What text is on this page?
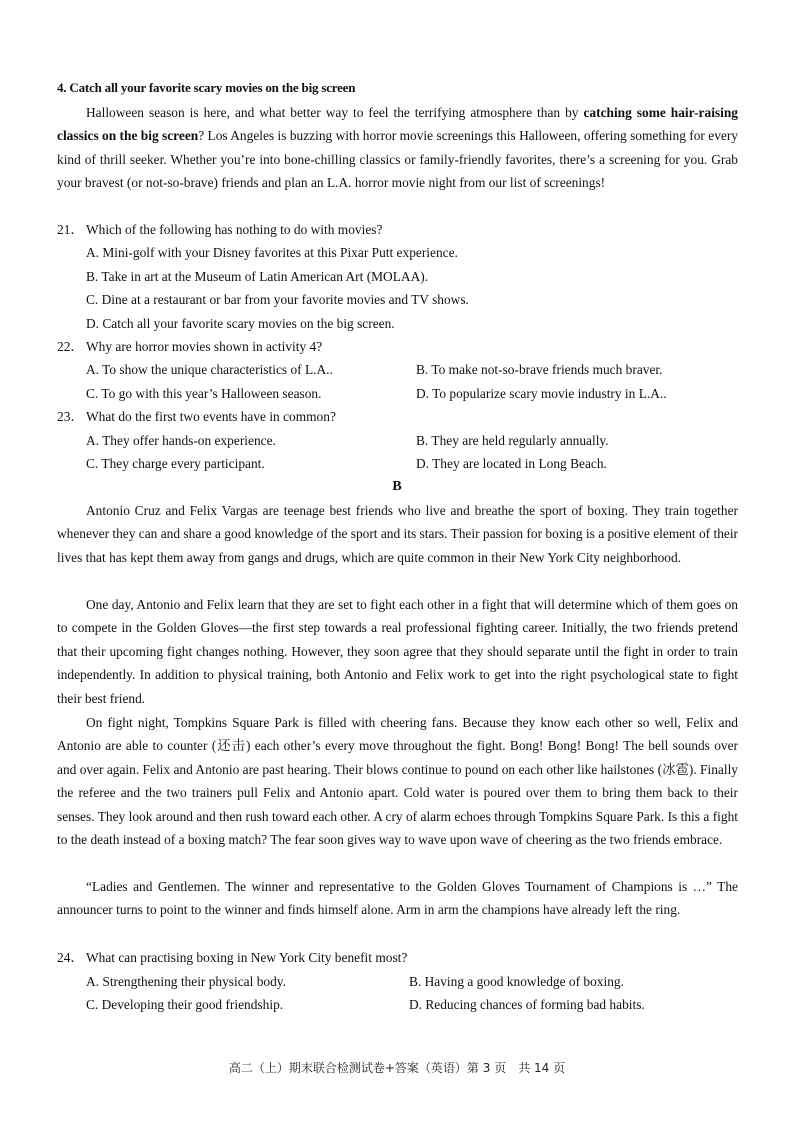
4. Catch all your favorite scary movies on the big screen

Halloween season is here, and what better way to feel the terrifying atmosphere than by catching some hair-raising classics on the big screen? Los Angeles is buzzing with horror movie screenings this Halloween, offering something for every kind of thrill seeker. Whether you’re into bone-chilling classics or family-friendly favorites, there’s a screening for you. Grab your bravest (or not-so-brave) friends and plan an L.A. horror movie night from our list of screenings!

21． Which of the following has nothing to do with movies?
A. Mini-golf with your Disney favorites at this Pixar Putt experience.
B. Take in art at the Museum of Latin American Art (MOLAA).
C. Dine at a restaurant or bar from your favorite movies and TV shows.
D. Catch all your favorite scary movies on the big screen.
22． Why are horror movies shown in activity 4?
A. To show the unique characteristics of L.A..	B. To make not-so-brave friends much braver.
C. To go with this year’s Halloween season.	D. To popularize scary movie industry in L.A..
23． What do the first two events have in common?
A. They offer hands-on experience.	B. They are held regularly annually.
C. They charge every participant.	D. They are located in Long Beach.
B

Antonio Cruz and Felix Vargas are teenage best friends who live and breathe the sport of boxing. They train together whenever they can and share a good knowledge of the sport and its stars. Their passion for boxing is a positive element of their lives that has kept them away from gangs and drugs, which are quite common in their New York City neighborhood.

One day, Antonio and Felix learn that they are set to fight each other in a fight that will determine which of them goes on to compete in the Golden Gloves—the first step towards a real professional fighting career. Initially, the two friends pretend that their upcoming fight changes nothing. However, they soon agree that they should separate until the fight in order to train independently. In addition to physical training, both Antonio and Felix work to get into the right psychological state to fight their best friend.

On fight night, Tompkins Square Park is filled with cheering fans. Because they know each other so well, Felix and Antonio are able to counter (还击) each other’s every move throughout the fight. Bong! Bong! Bong! The bell sounds over and over again. Felix and Antonio are past hearing. Their blows continue to pound on each other like hailstones (冰雹). Finally the referee and the two trainers pull Felix and Antonio apart. Cold water is poured over them to bring them back to their senses. They look around and then rush toward each other. A cry of alarm echoes through Tompkins Square Park. Is this a fight to the death instead of a boxing match? The fear soon gives way to wave upon wave of cheering as the two friends embrace.

“Ladies and Gentlemen. The winner and representative to the Golden Gloves Tournament of Champions is …” The announcer turns to point to the winner and finds himself alone. Arm in arm the champions have already left the ring.

24． What can practising boxing in New York City benefit most?
A. Strengthening their physical body.	B. Having a good knowledge of boxing.
C. Developing their good friendship.	D. Reducing chances of forming bad habits.
高二（上）期末联合检测试卷+答案（英语）第 3 页　共 14 页
